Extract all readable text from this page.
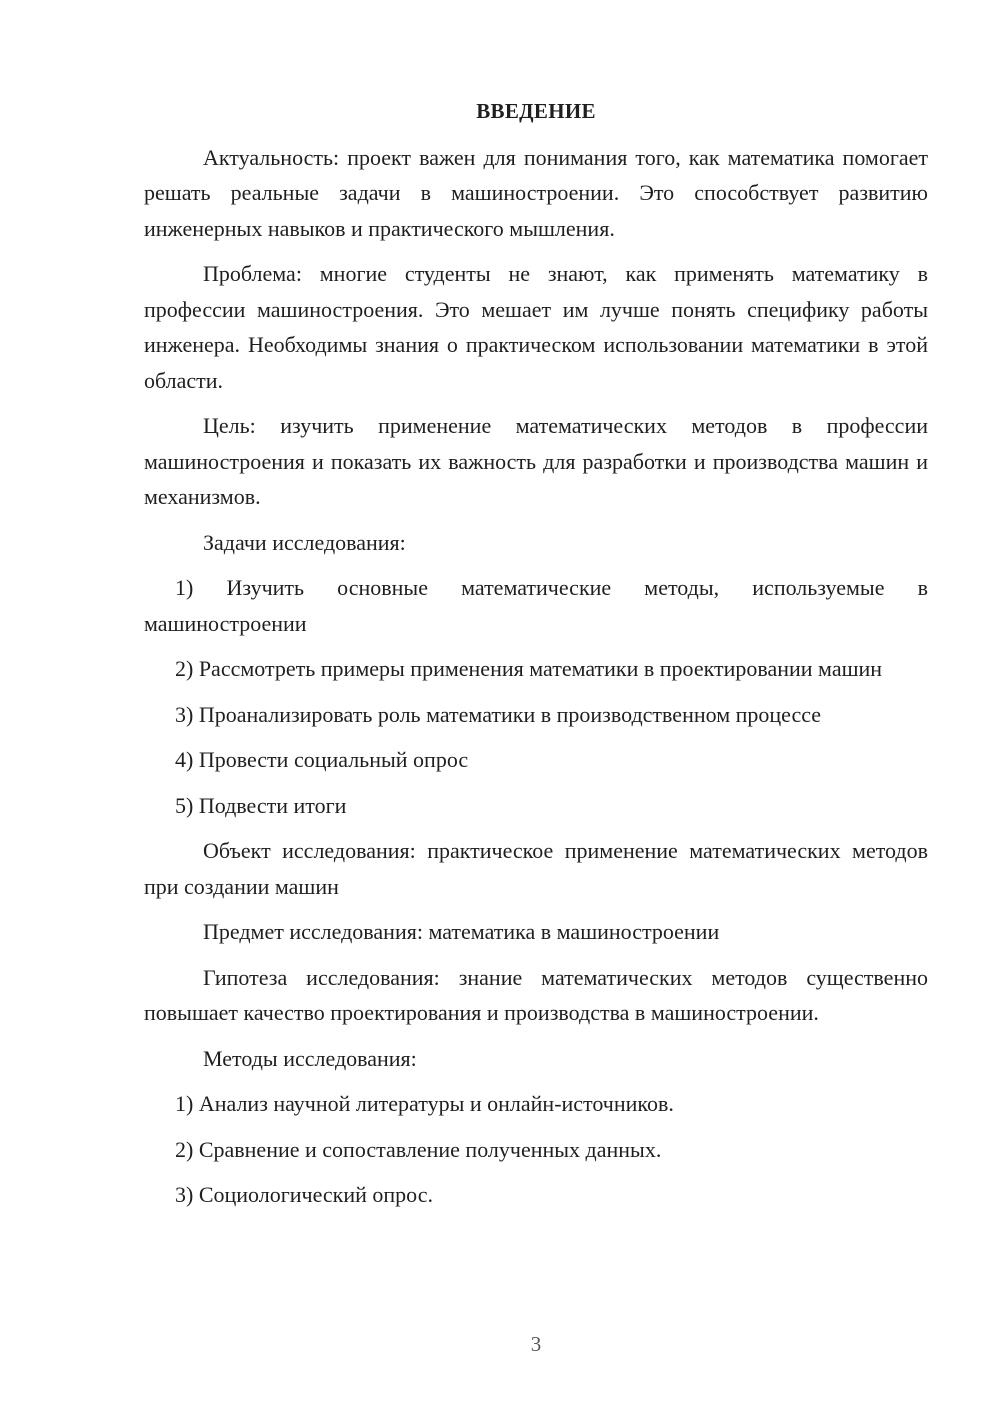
ВВЕДЕНИЕ

Актуальность: проект важен для понимания того, как математика помогает решать реальные задачи в машиностроении. Это способствует развитию инженерных навыков и практического мышления.

Проблема: многие студенты не знают, как применять математику в профессии машиностроения. Это мешает им лучше понять специфику работы инженера. Необходимы знания о практическом использовании математики в этой области.

Цель: изучить применение математических методов в профессии машиностроения и показать их важность для разработки и производства машин и механизмов.

Задачи исследования:

1) Изучить основные математические методы, используемые в машиностроении

2) Рассмотреть примеры применения математики в проектировании машин

3) Проанализировать роль математики в производственном процессе

4) Провести социальный опрос

5) Подвести итоги

Объект исследования: практическое применение математических методов при создании машин

Предмет исследования: математика в машиностроении

Гипотеза исследования: знание математических методов существенно повышает качество проектирования и производства в машиностроении.

Методы исследования:

1) Анализ научной литературы и онлайн-источников.

2) Сравнение и сопоставление полученных данных.

3) Социологический опрос.

3
